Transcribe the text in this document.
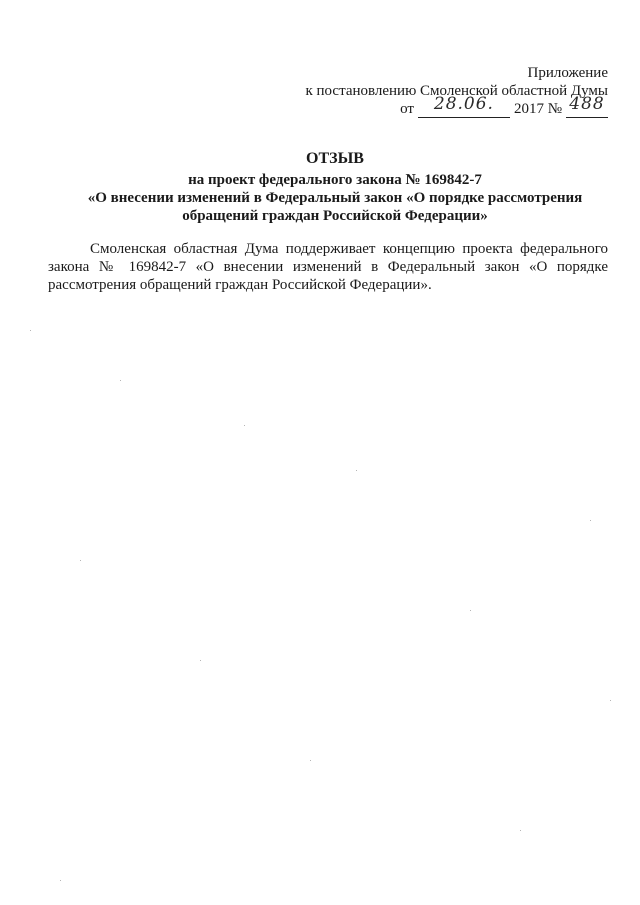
Приложение
к постановлению Смоленской областной Думы
от	28.06.	2017 № 488
ОТЗЫВ
на проект федерального закона № 169842-7
«О внесении изменений в Федеральный закон «О порядке рассмотрения
обращений граждан Российской Федерации»
Смоленская областная Дума поддерживает концепцию проекта федерального закона № 169842-7 «О внесении изменений в Федеральный закон «О порядке рассмотрения обращений граждан Российской Федерации».
